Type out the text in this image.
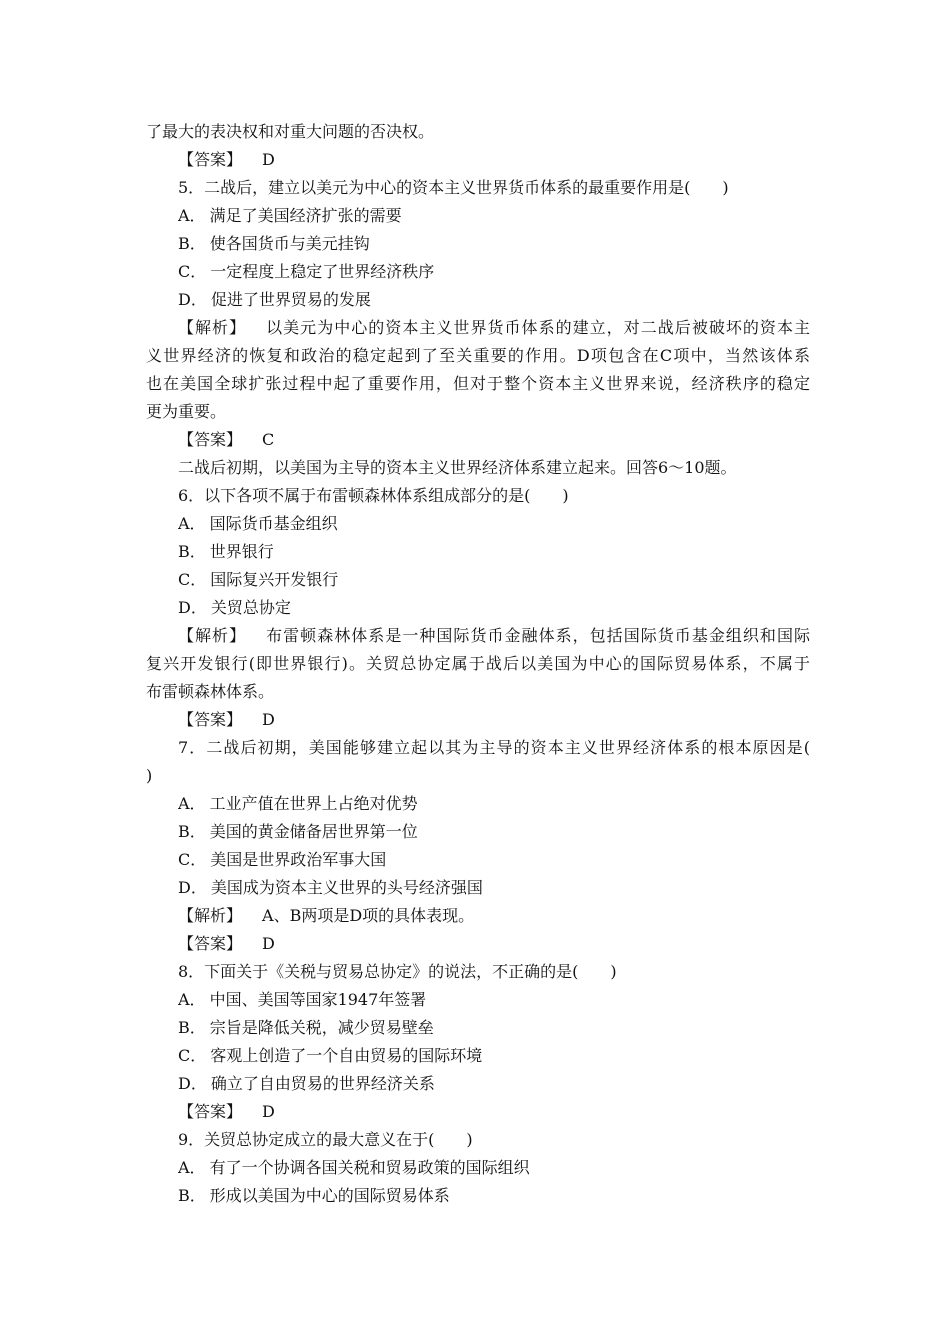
了最大的表决权和对重大问题的否决权。
【答案】 D
5．二战后，建立以美元为中心的资本主义世界货币体系的最重要作用是(　　)
A． 满足了美国经济扩张的需要
B． 使各国货币与美元挂钩
C． 一定程度上稳定了世界经济秩序
D． 促进了世界贸易的发展
【解析】 以美元为中心的资本主义世界货币体系的建立，对二战后被破坏的资本主
义世界经济的恢复和政治的稳定起到了至关重要的作用。D项包含在C项中，当然该体系
也在美国全球扩张过程中起了重要作用，但对于整个资本主义世界来说，经济秩序的稳定
更为重要。
【答案】 C
二战后初期，以美国为主导的资本主义世界经济体系建立起来。回答6～10题。
6．以下各项不属于布雷顿森林体系组成部分的是(　　)
A． 国际货币基金组织
B． 世界银行
C． 国际复兴开发银行
D． 关贸总协定
【解析】 布雷顿森林体系是一种国际货币金融体系，包括国际货币基金组织和国际
复兴开发银行(即世界银行)。关贸总协定属于战后以美国为中心的国际贸易体系，不属于
布雷顿森林体系。
【答案】 D
7．二战后初期，美国能够建立起以其为主导的资本主义世界经济体系的根本原因是(
)
A． 工业产值在世界上占绝对优势
B． 美国的黄金储备居世界第一位
C． 美国是世界政治军事大国
D． 美国成为资本主义世界的头号经济强国
【解析】 A、B两项是D项的具体表现。
【答案】 D
8．下面关于《关税与贸易总协定》的说法，不正确的是(　　)
A． 中国、美国等国家1947年签署
B． 宗旨是降低关税，减少贸易壁垒
C． 客观上创造了一个自由贸易的国际环境
D． 确立了自由贸易的世界经济关系
【答案】 D
9．关贸总协定成立的最大意义在于(　　)
A． 有了一个协调各国关税和贸易政策的国际组织
B． 形成以美国为中心的国际贸易体系
